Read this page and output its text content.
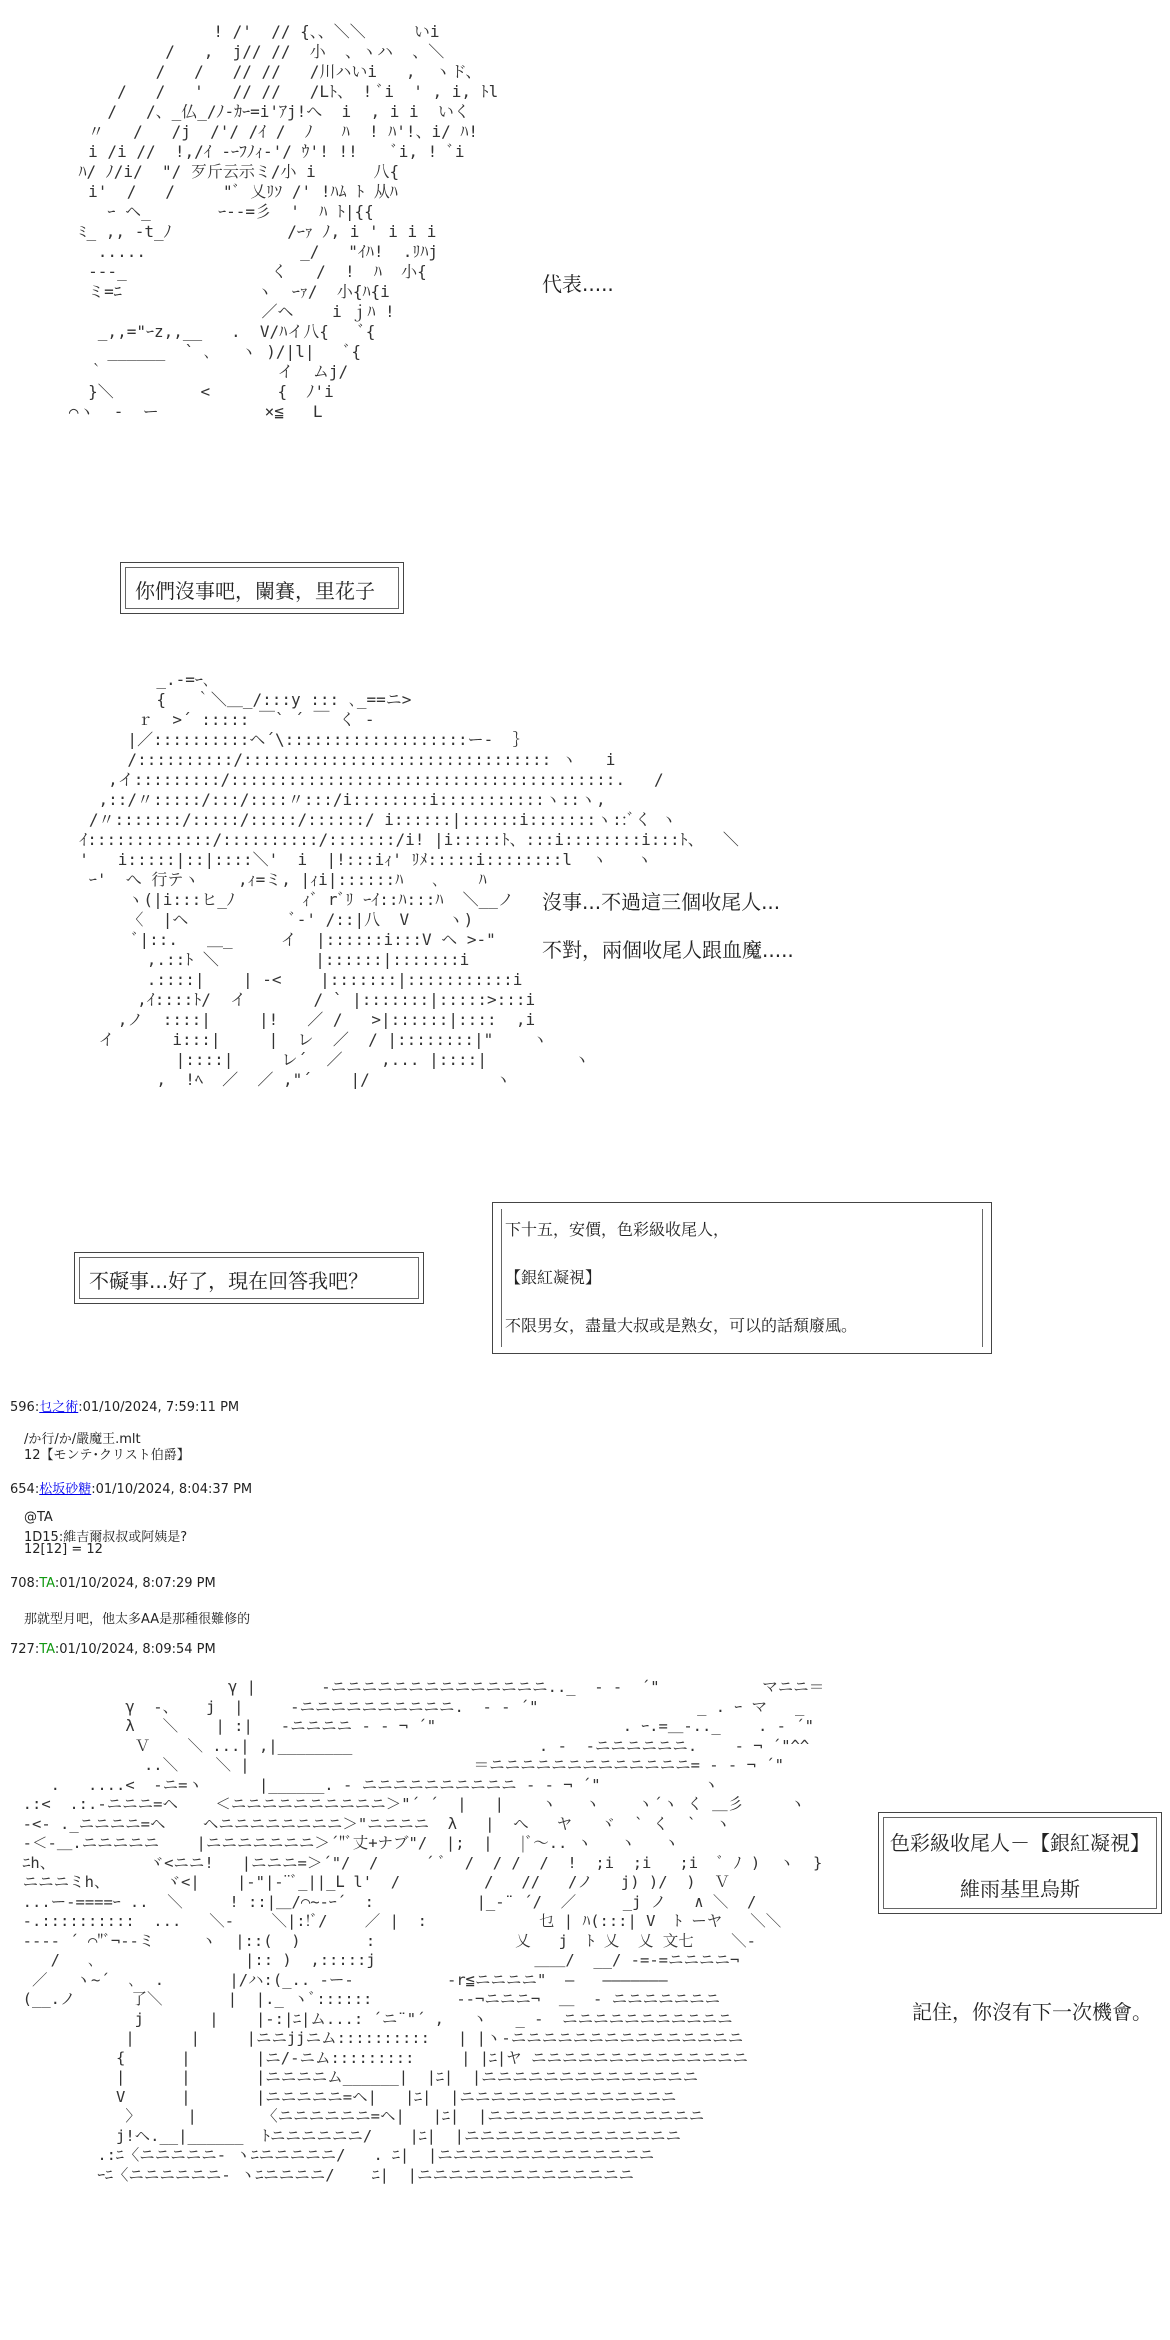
! /'  // {、、＼＼     いi
/   ,  j// //  小  、ヽハ  、＼
/   /   // //   /川ハいi   ,  ヽド、
/   /   '   // //   /Lﾄ、 ! ﾞi  ' , i, ﾄl
/   /、_仏_/ﾉ-ｶｰ=i'ｱj!へ  i  , i i  いく
〃   /   /j  /'/ /ｲ /  ﾉ   ﾊ  ! ﾊ'!、i/ ﾊ!
i /i //  !,/ｲ -ｰﾌﾉｨ-'/ ｳ'! !!    ﾞi, ! ﾞi
ﾊ/ ﾉ/i/  "/ 歹斤云示ミ/小 i      八{
i'  /   /     "ﾞ 乂ﾘｿ /' !ﾊﾑ ﾄ 从ﾊ
ｰ ヘ_       ｰ--=彡  '  ﾊ ﾄ|{{
ﾐ_ ,, -t_ﾉ            /ｰｧ ﾉ, i ' i i i
.....                _/   "ｲﾊ!  .ﾘﾊj
---_               く   /  !  ﾊ  小{
ミ=ﾆ              ヽ  ｰｧ/  小{ﾊ{i
／ヘ    i ｊﾊ !
_,,="ｰz,,__   .  V/ﾊイ八{   ﾞ{
______  ` ､   ヽ )/|l|   ﾞ{
｀                  イ  ムj/
}＼         <       {  ﾉ'i
⌒ヽ  ‐  ー           ×≦   L

代表.....
你們沒事吧，闌賽，里花子
_.-=ｰ､
{   ｀＼＿_/:::y ::: ､_==ニ>
ｒ  >´ ::::: ￣` ´ ￣ く ‐
|／::::::::::ヘ´\:::::::::::::::::::ー‐  ｝
/::::::::::/:::::::::::::::::::::::::::::::: ヽ   i
,イ:::::::::/::::::::::::::::::::::::::::::::::::::::.   /
,::/〃:::::/:::/::::〃:::/i::::::::i:::::::::::ヽ::ヽ,
/〃:::::::/:::::/:::::/::::::/ i::::::|::::::i:::::::ヽ::ﾞく ヽ
ｲ:::::::::::::/::::::::::/:::::::/i! |i:::::ﾄ、:::i::::::::i:::ﾄ、  ＼
'   i:::::|::|::::＼'  i  |!:::iｨ' ﾘﾒ:::::i::::::::l  ヽ   ヽ
ｰ'  へ 行テヽ    ,ｨ=ミ, |ｨi|::::::ﾊ   ､    ﾊ
ヽ(|i:::ヒ_ﾉ       ｨﾞ rﾞﾘ ｰｲ::ﾊ:::ﾊ  ＼__ノ
〈  |ヘ           ﾞ-' /::|八  V    ヽ)
ﾞ|::.   ＿_     イ  |::::::i:::V ヘ >-"
,.::ﾄ ＼          |::::::|:::::::i
.::::|    | -<    |:::::::|:::::::::::i
,ｲ::::ﾄ/  イ       / ` |:::::::|:::::>:::i
,ノ  ::::|     |!   ／ /   >|::::::|::::  ,i
イ      i:::|     |  レ  ／  / |::::::::|"    ヽ
|::::|     レ´  ／    ,... |::::|         ヽ
,  !ﾍ  ／  ／ ,"´    |/             ヽ

沒事...不過這三個收尾人...
不對，兩個收尾人跟血魔.....
不礙事...好了，現在回答我吧？
下十五，安價，色彩級收尾人，
【銀紅凝視】
不限男女，盡量大叔或是熟女，可以的話頹廢風。
596:乜之術:01/10/2024, 7:59:11 PM
/か行/か/嚴魔王.mlt
12【モンテ･クリスト伯爵】
654:松坂砂糖:01/10/2024, 8:04:37 PM
@TA
1D15:維吉爾叔叔或阿姨是?
12[12] = 12
708:TA:01/10/2024, 8:07:29 PM
那就型月吧，他太多AA是那種很難修的
727:TA:01/10/2024, 8:09:54 PM
γ |       ‐ニニニニニニニニニニニニニニ.._  - ‐  ´"           マニニ＝
γ  ‐、   j  |     ‐ニニニニニニニニニニ.  - ‐ ´"                 _ . ｰ マ   _
λ   ＼    | :|   ‐ニニニニ - ‐ ¬ ´"                    . ｰ.=＿‐.._    . - ´"
Ｖ    ＼ ...| ,|________                    . -  ‐ニニニニニニ.    ‐ ¬ ´"^^
..＼    ＼ |                        ＝ニニニニニニニニニニニニニ= - ‐ ¬ ´"
.   ....<  ‐ニ=ヽ      |______. ‐ ニニニニニニニニニニ - ‐ ¬ ´"           ヽ
.:<  .:.‐ニニニ=ヘ    ＜ニニニニニニニニニニ＞"´ ´  |   |    ヽ   ヽ    ヽ´ヽ く ＿彡     ヽ
‐<- ._ニニニニ=ヘ    ヘニニニニニニニニ＞"ニニニニ  λ   |  へ   ヤ   ヾ  ` く  `  ヽ
‐＜-＿.ニニニニニ    |ニニニニニニニ＞´"ﾞ丈+ナブ"/  |;  |   |ﾞ～.. ヽ   ヽ   ヽ
ﾆh、          ヾ<ニニ!   |ニニニ=＞´"/  /     ´ ﾞ  /  / /  /  !  ;i  ;i   ;i  ﾞ ﾉ )  ヽ  }
ニニニミh、      ヾ<|    |-"|‐¨ﾞ_||_Ⅼ l'  /         /   //   /ノ   j) )/  )  Ｖ
...ー‐====ｰ ..  ＼     ! ::|＿/⌒~-ｰ´  :           |_‐¨ ´/  ／     _j ノ   ∧ ＼  /
‐.::::::::::  ...   ＼‐    ＼|:!ﾞ/    ／ |  :            乜 | ﾊ(:::| V  ﾄ ーヤ   ＼＼
‐‐‐‐ ´ ⌒"ﾞ¬-‐ミ     ヽ  |::(  )       :               乂   j  ﾄ 乂  乂 文七    ＼‐
/   ､                |:: )  ,:::::j                 ＿＿/  __/ ‐=‐=ニニニニ¬
／   ヽ~´  ､  .       |/ハ:(_.. ‐ー‐          ‐r≦ニニニニ"  ―   ―――――――
(__.ノ      了＼       |  |._ ヽﾞ::::::         ‐‐¬ニニニ¬  ＿  ‐ ニニニニニニニ
j       |    |-:|ﾆ|ム...: ´ニ¨"´ ,   ヽ   _ ‐  ニニニニニニニニニニニ
|      |     |ニニjjニム::::::::::   | |ヽ‐ニニニニニニニニニニニニニニニ
{      |       |ニ/‐ニム:::::::::     | |ﾆ|ヤ ニニニニニニニニニニニニニニ
|      |       |ニニニニム______|  |ﾆ|  |ニニニニニニニニニニニニニニ
V      |       |ニニニニニ=ヘ|   |ﾆ|  |ニニニニニニニニニニニニニニ
〉     |       〈ニニニニニニ=ヘ|   |ﾆ|  |ニニニニニニニニニニニニニニ
j!ヘ.__|______  ﾄニニニニニニ/    |ﾆ|  |ニニニニニニニニニニニニニニ
.:ﾆ〈ニニニニニ- ヽﾆニニニニニ/   . ﾆ|  |ニニニニニニニニニニニニニニ
ｰﾆ〈ニニニニニニ- ヽﾆニニニニ/    ﾆ|  |ニニニニニニニニニニニニニニ

色彩級收尾人－【銀紅凝視】
維雨基里烏斯
記住，你沒有下一次機會。
